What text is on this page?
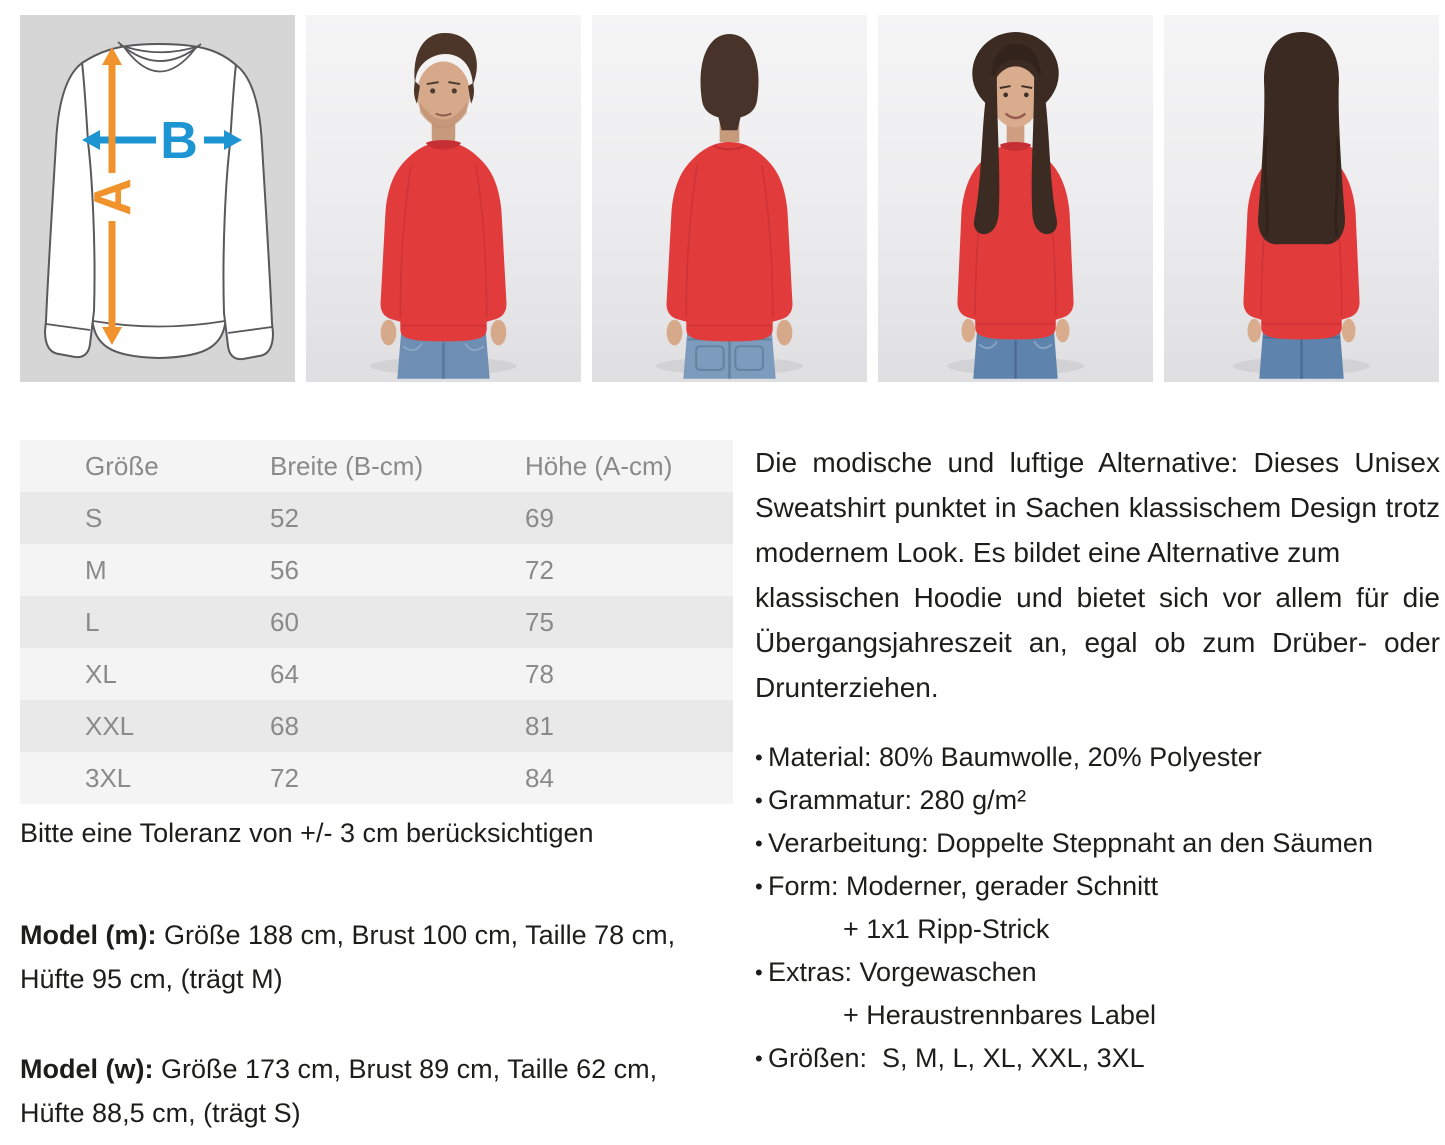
B
A
Größe	Breite (B-cm)	Höhe (A-cm)
S	52	69
M	56	72
L	60	75
XL	64	78
XXL	68	81
3XL	72	84
Bitte eine Toleranz von +/- 3 cm berücksichtigen
Model (m): Größe 188 cm, Brust 100 cm, Taille 78 cm, Hüfte 95 cm, (trägt M)
Model (w): Größe 173 cm, Brust 89 cm, Taille 62 cm, Hüfte 88,5 cm, (trägt S)

Die modische und luftige Alternative: Dieses Unisex Sweatshirt punktet in Sachen klassischem Design trotz modernem Look. Es bildet eine Alternative zum

klassischen Hoodie und bietet sich vor allem für die Übergangsjahreszeit an, egal ob zum Drüber- oder Drunterziehen.

• Material: 80% Baumwolle, 20% Polyester
• Grammatur: 280 g/m²
• Verarbeitung: Doppelte Steppnaht an den Säumen
• Form: Moderner, gerader Schnitt
+ 1x1 Ripp-Strick
• Extras: Vorgewaschen
+ Heraustrennbares Label
• Größen:  S, M, L, XL, XXL, 3XL
